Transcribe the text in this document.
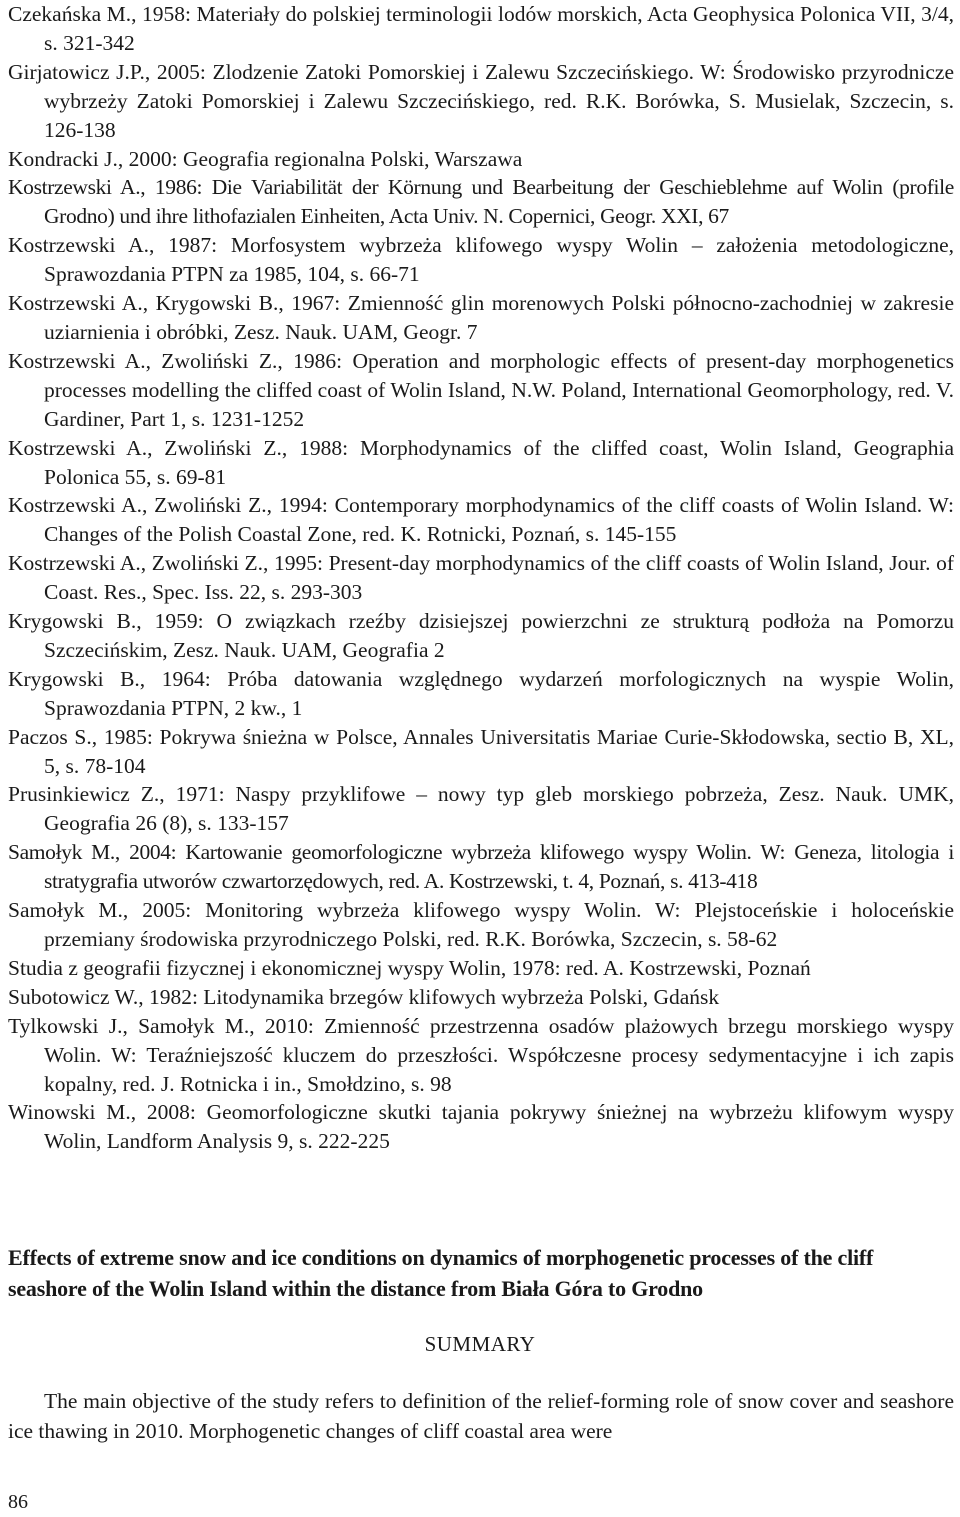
Czekańska M., 1958: Materiały do polskiej terminologii lodów morskich, Acta Geophysica Polonica VII, 3/4, s. 321-342

Girjatowicz J.P., 2005: Zlodzenie Zatoki Pomorskiej i Zalewu Szczecińskiego. W: Środowisko przyrodnicze wybrzeży Zatoki Pomorskiej i Zalewu Szczecińskiego, red. R.K. Borówka, S. Musielak, Szczecin, s. 126-138

Kondracki J., 2000: Geografia regionalna Polski, Warszawa

Kostrzewski A., 1986: Die Variabilität der Körnung und Bearbeitung der Geschieblehme auf Wolin (profile Grodno) und ihre lithofazialen Einheiten, Acta Univ. N. Copernici, Geogr. XXI, 67

Kostrzewski A., 1987: Morfosystem wybrzeża klifowego wyspy Wolin – założenia metodologiczne, Sprawozdania PTPN za 1985, 104, s. 66-71

Kostrzewski A., Krygowski B., 1967: Zmienność glin morenowych Polski północno-zachodniej w zakresie uziarnienia i obróbki, Zesz. Nauk. UAM, Geogr. 7

Kostrzewski A., Zwoliński Z., 1986: Operation and morphologic effects of present-day morphogenetics processes modelling the cliffed coast of Wolin Island, N.W. Poland, International Geomorphology, red. V. Gardiner, Part 1, s. 1231-1252

Kostrzewski A., Zwoliński Z., 1988: Morphodynamics of the cliffed coast, Wolin Island, Geographia Polonica 55, s. 69-81

Kostrzewski A., Zwoliński Z., 1994: Contemporary morphodynamics of the cliff coasts of Wolin Island. W: Changes of the Polish Coastal Zone, red. K. Rotnicki, Poznań, s. 145-155

Kostrzewski A., Zwoliński Z., 1995: Present-day morphodynamics of the cliff coasts of Wolin Island, Jour. of Coast. Res., Spec. Iss. 22, s. 293-303

Krygowski B., 1959: O związkach rzeźby dzisiejszej powierzchni ze strukturą podłoża na Pomorzu Szczecińskim, Zesz. Nauk. UAM, Geografia 2

Krygowski B., 1964: Próba datowania względnego wydarzeń morfologicznych na wyspie Wolin, Sprawozdania PTPN, 2 kw., 1

Paczos S., 1985: Pokrywa śnieżna w Polsce, Annales Universitatis Mariae Curie-Skłodowska, sectio B, XL, 5, s. 78-104

Prusinkiewicz Z., 1971: Naspy przyklifowe – nowy typ gleb morskiego pobrzeża, Zesz. Nauk. UMK, Geografia 26 (8), s. 133-157

Samołyk M., 2004: Kartowanie geomorfologiczne wybrzeża klifowego wyspy Wolin. W: Geneza, litologia i stratygrafia utworów czwartorzędowych, red. A. Kostrzewski, t. 4, Poznań, s. 413-418

Samołyk M., 2005: Monitoring wybrzeża klifowego wyspy Wolin. W: Plejstoceńskie i holoceńskie przemiany środowiska przyrodniczego Polski, red. R.K. Borówka, Szczecin, s. 58-62

Studia z geografii fizycznej i ekonomicznej wyspy Wolin, 1978: red. A. Kostrzewski, Poznań

Subotowicz W., 1982: Litodynamika brzegów klifowych wybrzeża Polski, Gdańsk

Tylkowski J., Samołyk M., 2010: Zmienność przestrzenna osadów plażowych brzegu morskiego wyspy Wolin. W: Teraźniejszość kluczem do przeszłości. Współczesne procesy sedymentacyjne i ich zapis kopalny, red. J. Rotnicka i in., Smołdzino, s. 98

Winowski M., 2008: Geomorfologiczne skutki tajania pokrywy śnieżnej na wybrzeżu klifowym wyspy Wolin, Landform Analysis 9, s. 222-225

Effects of extreme snow and ice conditions on dynamics of morphogenetic processes of the cliff seashore of the Wolin Island within the distance from Biała Góra to Grodno
SUMMARY

The main objective of the study refers to definition of the relief-forming role of snow cover and seashore ice thawing in 2010. Morphogenetic changes of cliff coastal area were

86
